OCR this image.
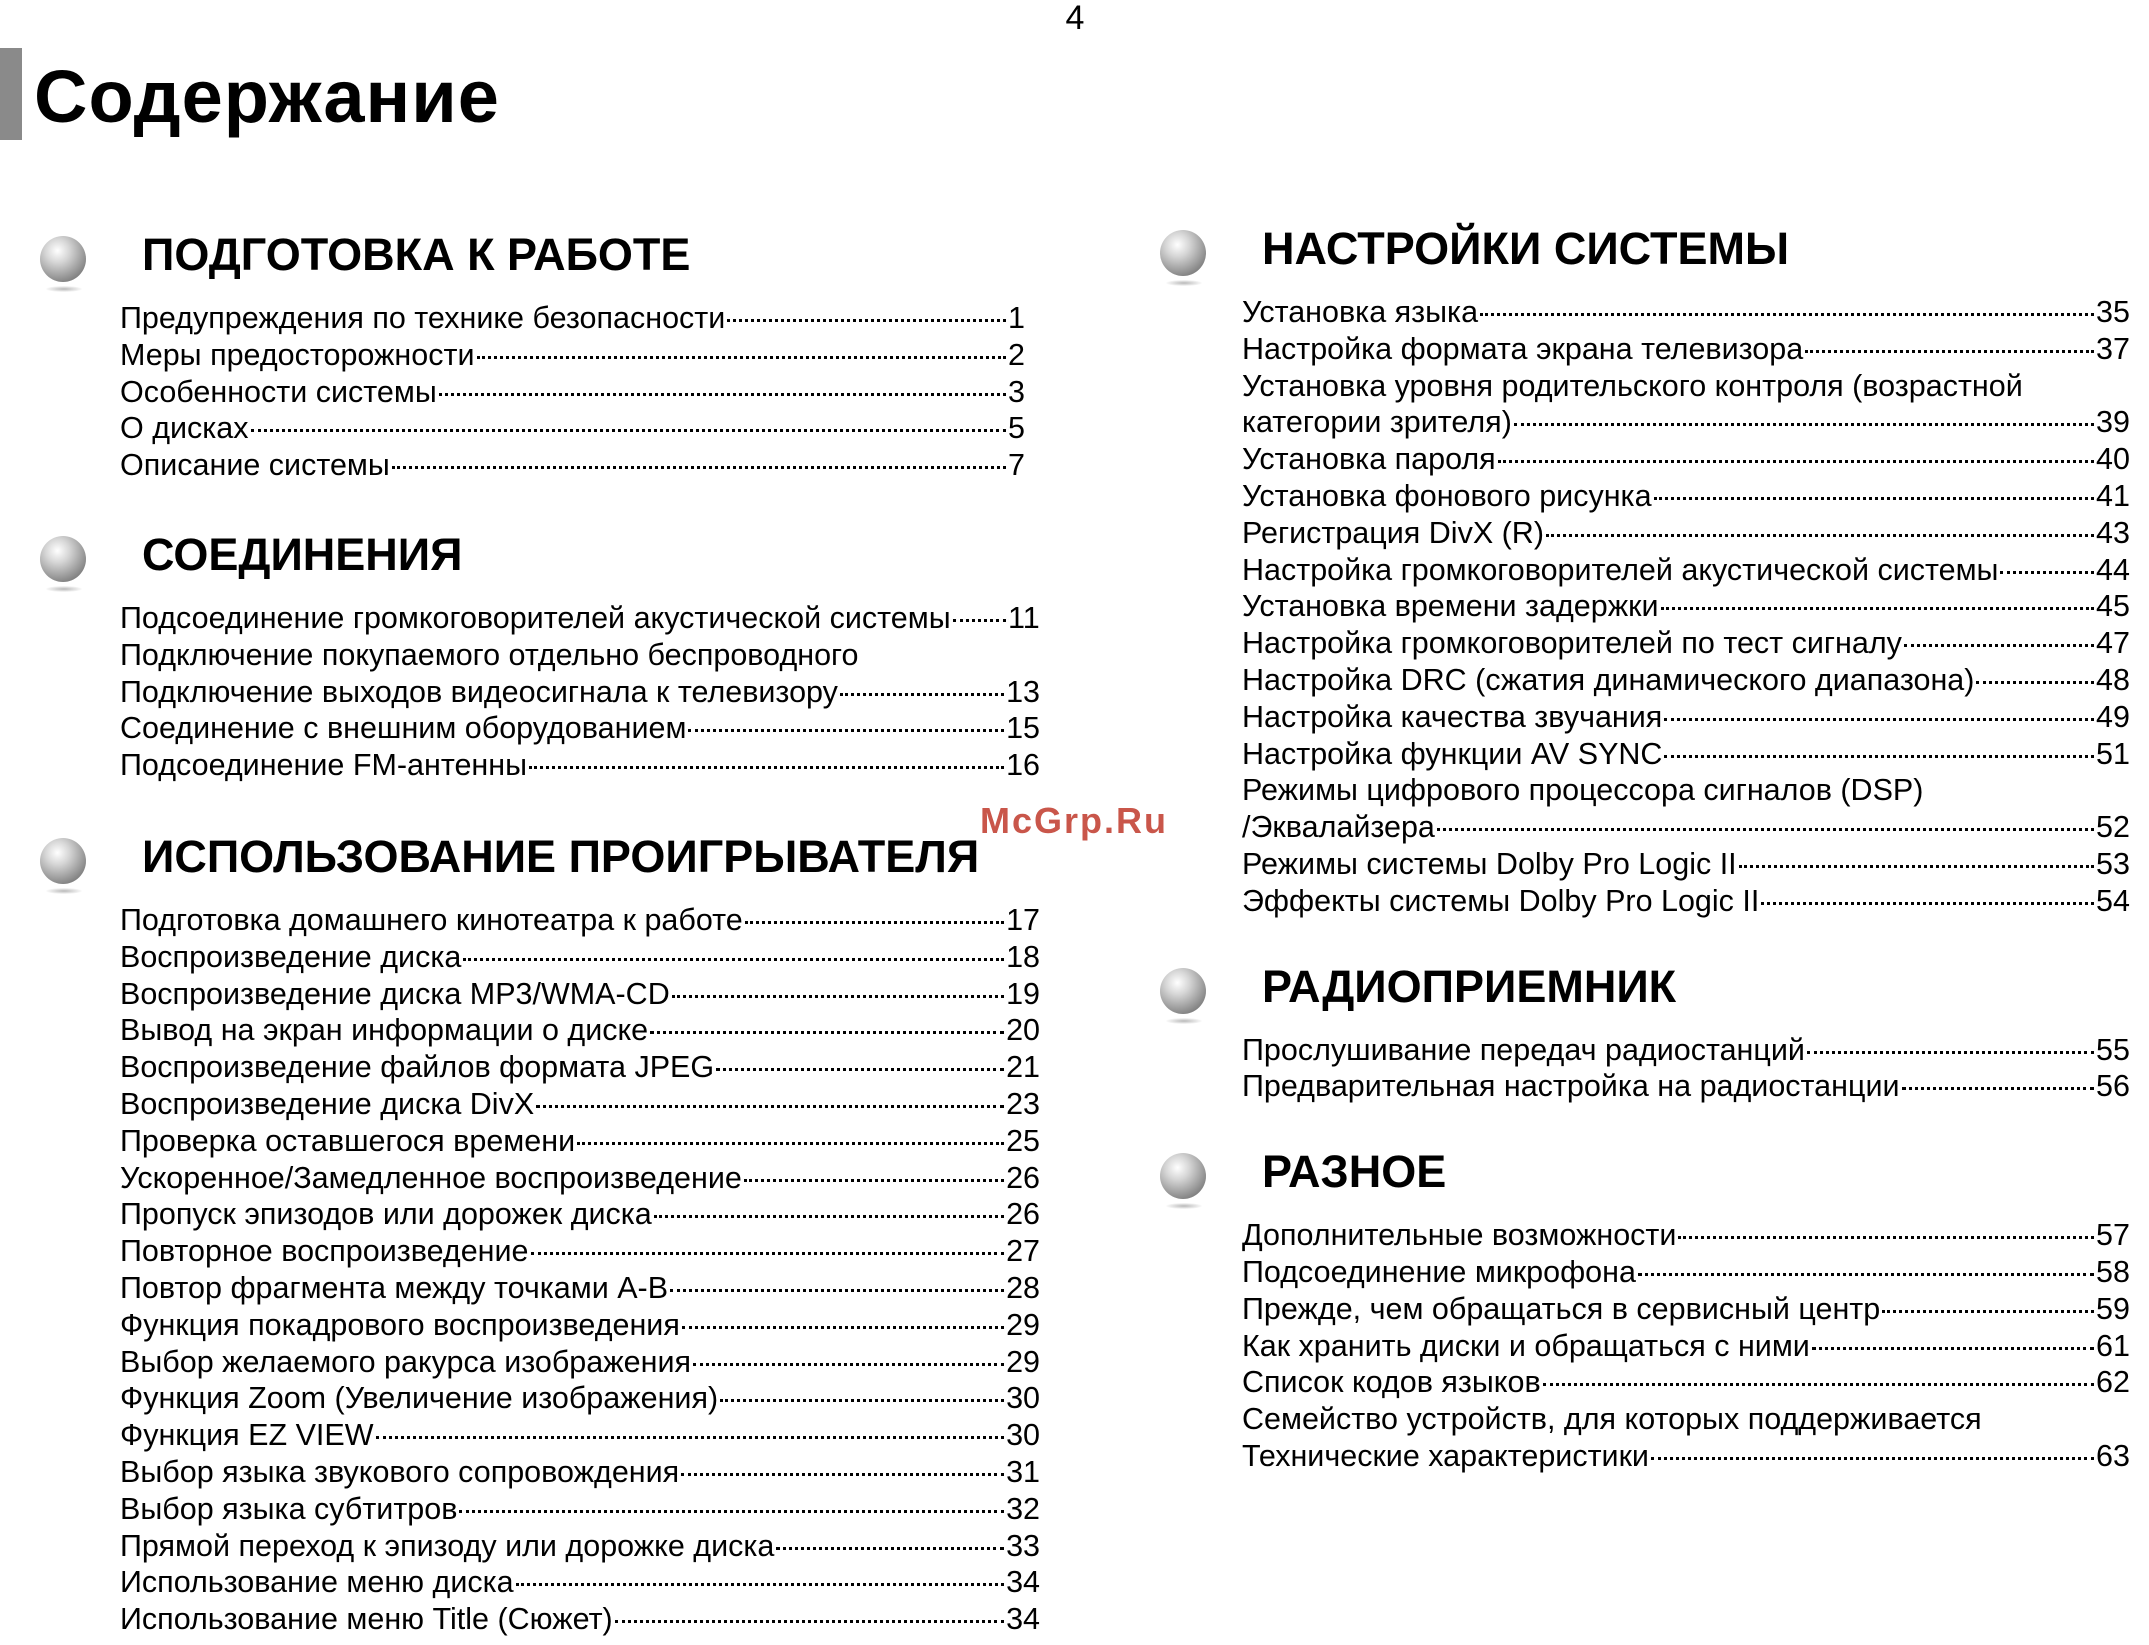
4
Содержание
ПОДГОТОВКА К РАБОТЕ
Предупреждения по технике безопасности	1
Меры предосторожности	2
Особенности системы	3
О дисках	5
Описание системы	7
СОЕДИНЕНИЯ
Подсоединение громкоговорителей акустической системы 11
Подключение покупаемого отдельно беспроводного
Подключение выходов видеосигнала к телевизору	13
Соединение с внешним оборудованием	15
Подсоединение FM-антенны	16
ИСПОЛЬЗОВАНИЕ ПРОИГРЫВАТЕЛЯ
Подготовка домашнего кинотеатра к работе	17
Воспроизведение диска	18
Воспроизведение диска MP3/WMA-CD	19
Вывод на экран информации о диске	20
Воспроизведение файлов формата JPEG	21
Воспроизведение диска DivX	23
Проверка оставшегося времени	25
Ускоренное/Замедленное воспроизведение	26
Пропуск эпизодов или дорожек диска	26
Повторное воспроизведение	27
Повтор фрагмента между точками А-В	28
Функция покадрового воспроизведения	29
Выбор желаемого ракурса изображения	29
Функция Zoom (Увеличение изображения)	30
Функция EZ VIEW	30
Выбор языка звукового сопровождения	31
Выбор языка субтитров	32
Прямой переход к эпизоду или дорожке диска	33
Использование меню диска	34
Использование меню Title (Сюжет)	34
НАСТРОЙКИ СИСТЕМЫ
Установка языка	35
Настройка формата экрана телевизора	37
Установка уровня родительского контроля (возрастной
категории зрителя)	39
Установка пароля	40
Установка фонового рисунка	41
Регистрация DivX (R)	43
Настройка громкоговорителей акустической системы	44
Установка времени задержки	45
Настройка громкоговорителей по тест сигналу	47
Настройка DRC (сжатия динамического диапазона)	48
Настройка качества звучания	49
Настройка функции AV SYNC	51
Режимы цифрового процессора сигналов (DSP)
/Эквалайзера	52
Режимы системы Dolby Pro Logic II	53
Эффекты системы Dolby Pro Logic II	54
РАДИОПРИЕМНИК
Прослушивание передач радиостанций	55
Предварительная настройка на радиостанции	56
РАЗНОЕ
Дополнительные возможности	57
Подсоединение микрофона	58
Прежде, чем обращаться в сервисный центр	59
Как хранить диски и обращаться с ними	61
Список кодов языков	62
Семейство устройств, для которых поддерживается
Технические характеристики	63
McGrp.Ru
